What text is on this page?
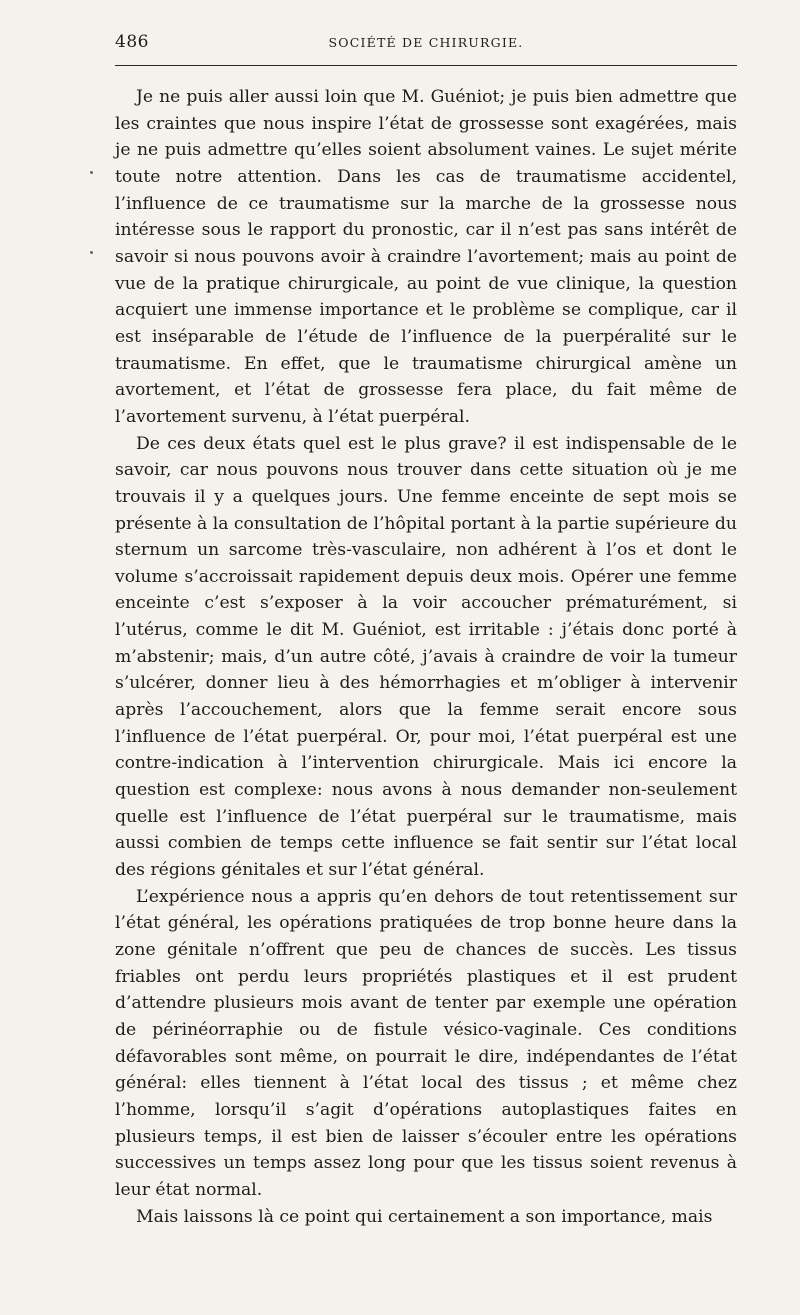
486	SOCIÉTÉ DE CHIRURGIE.

Je ne puis aller aussi loin que M. Guéniot; je puis bien admettre que les craintes que nous inspire l’état de grossesse sont exagérées, mais je ne puis admettre qu’elles soient absolument vaines. Le sujet mérite toute notre attention. Dans les cas de traumatisme accidentel, l’influence de ce traumatisme sur la marche de la grossesse nous intéresse sous le rapport du pronostic, car il n’est pas sans intérêt de savoir si nous pouvons avoir à craindre l’avortement; mais au point de vue de la pratique chirurgicale, au point de vue clinique, la question acquiert une immense importance et le problème se complique, car il est inséparable de l’étude de l’influence de la puerpéralité sur le traumatisme. En effet, que le traumatisme chirurgical amène un avortement, et l’état de grossesse fera place, du fait même de l’avortement survenu, à l’état puerpéral.

De ces deux états quel est le plus grave? il est indispensable de le savoir, car nous pouvons nous trouver dans cette situation où je me trouvais il y a quelques jours. Une femme enceinte de sept mois se présente à la consultation de l’hôpital portant à la partie supérieure du sternum un sarcome très-vasculaire, non adhérent à l’os et dont le volume s’accroissait rapidement depuis deux mois. Opérer une femme enceinte c’est s’exposer à la voir accoucher prématurément, si l’utérus, comme le dit M. Guéniot, est irritable : j’étais donc porté à m’abstenir; mais, d’un autre côté, j’avais à craindre de voir la tumeur s’ulcérer, donner lieu à des hémorrhagies et m’obliger à intervenir après l’accouchement, alors que la femme serait encore sous l’influence de l’état puerpéral. Or, pour moi, l’état puerpéral est une contre-indication à l’intervention chirurgicale. Mais ici encore la question est complexe: nous avons à nous demander non-seulement quelle est l’influence de l’état puerpéral sur le traumatisme, mais aussi combien de temps cette influence se fait sentir sur l’état local des régions génitales et sur l’état général.

L’expérience nous a appris qu’en dehors de tout retentissement sur l’état général, les opérations pratiquées de trop bonne heure dans la zone génitale n’offrent que peu de chances de succès. Les tissus friables ont perdu leurs propriétés plastiques et il est prudent d’attendre plusieurs mois avant de tenter par exemple une opération de périnéorraphie ou de fistule vésico-vaginale. Ces conditions défavorables sont même, on pourrait le dire, indépendantes de l’état général: elles tiennent à l’état local des tissus ; et même chez l’homme, lorsqu’il s’agit d’opérations autoplastiques faites en plusieurs temps, il est bien de laisser s’écouler entre les opérations successives un temps assez long pour que les tissus soient revenus à leur état normal.

Mais laissons là ce point qui certainement a son importance, mais
